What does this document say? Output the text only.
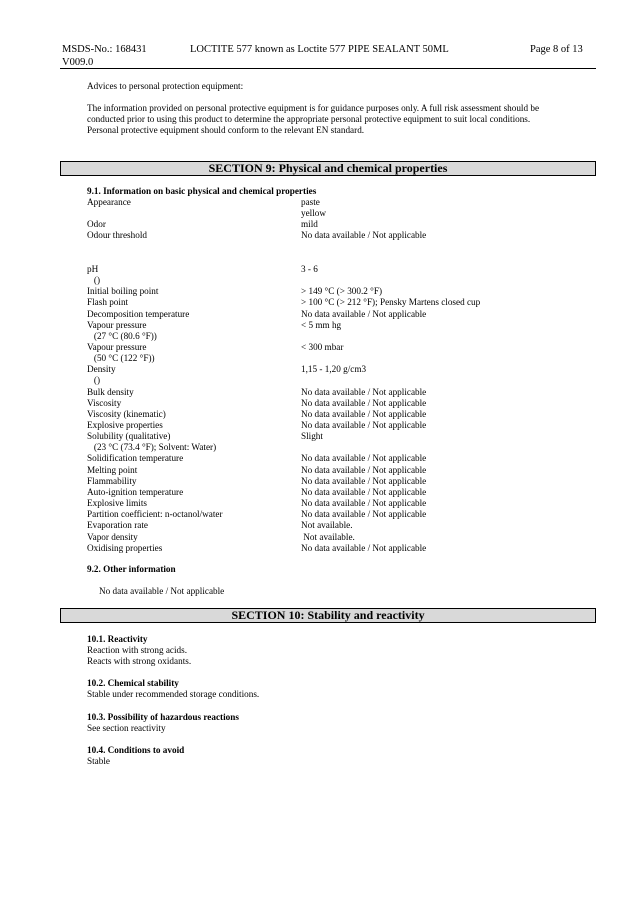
MSDS-No.: 168431
V009.0
LOCTITE 577 known as Loctite 577 PIPE SEALANT 50ML	Page 8 of 13
Advices to personal protection equipment:
The information provided on personal protective equipment is for guidance purposes only. A full risk assessment should be
conducted prior to using this product to determine the appropriate personal protective equipment to suit local conditions.
Personal protective equipment should conform to the relevant EN standard.
SECTION 9: Physical and chemical properties
9.1. Information on basic physical and chemical properties
Appearance	paste
yellow
Odor	mild
Odour threshold	No data available / Not applicable
pH	3 - 6
()
Initial boiling point	> 149 °C (> 300.2 °F)
Flash point	> 100 °C (> 212 °F); Pensky Martens closed cup
Decomposition temperature	No data available / Not applicable
Vapour pressure	< 5 mm hg
(27 °C (80.6 °F))
Vapour pressure	< 300 mbar
(50 °C (122 °F))
Density	1,15 - 1,20 g/cm3
()
Bulk density	No data available / Not applicable
Viscosity	No data available / Not applicable
Viscosity (kinematic)	No data available / Not applicable
Explosive properties	No data available / Not applicable
Solubility (qualitative)	Slight
(23 °C (73.4 °F); Solvent: Water)
Solidification temperature	No data available / Not applicable
Melting point	No data available / Not applicable
Flammability	No data available / Not applicable
Auto-ignition temperature	No data available / Not applicable
Explosive limits	No data available / Not applicable
Partition coefficient: n-octanol/water	No data available / Not applicable
Evaporation rate	Not available.
Vapor density	Not available.
Oxidising properties	No data available / Not applicable
9.2. Other information
No data available / Not applicable
SECTION 10: Stability and reactivity
10.1. Reactivity
Reaction with strong acids.
Reacts with strong oxidants.
10.2. Chemical stability
Stable under recommended storage conditions.
10.3. Possibility of hazardous reactions
See section reactivity
10.4. Conditions to avoid
Stable
